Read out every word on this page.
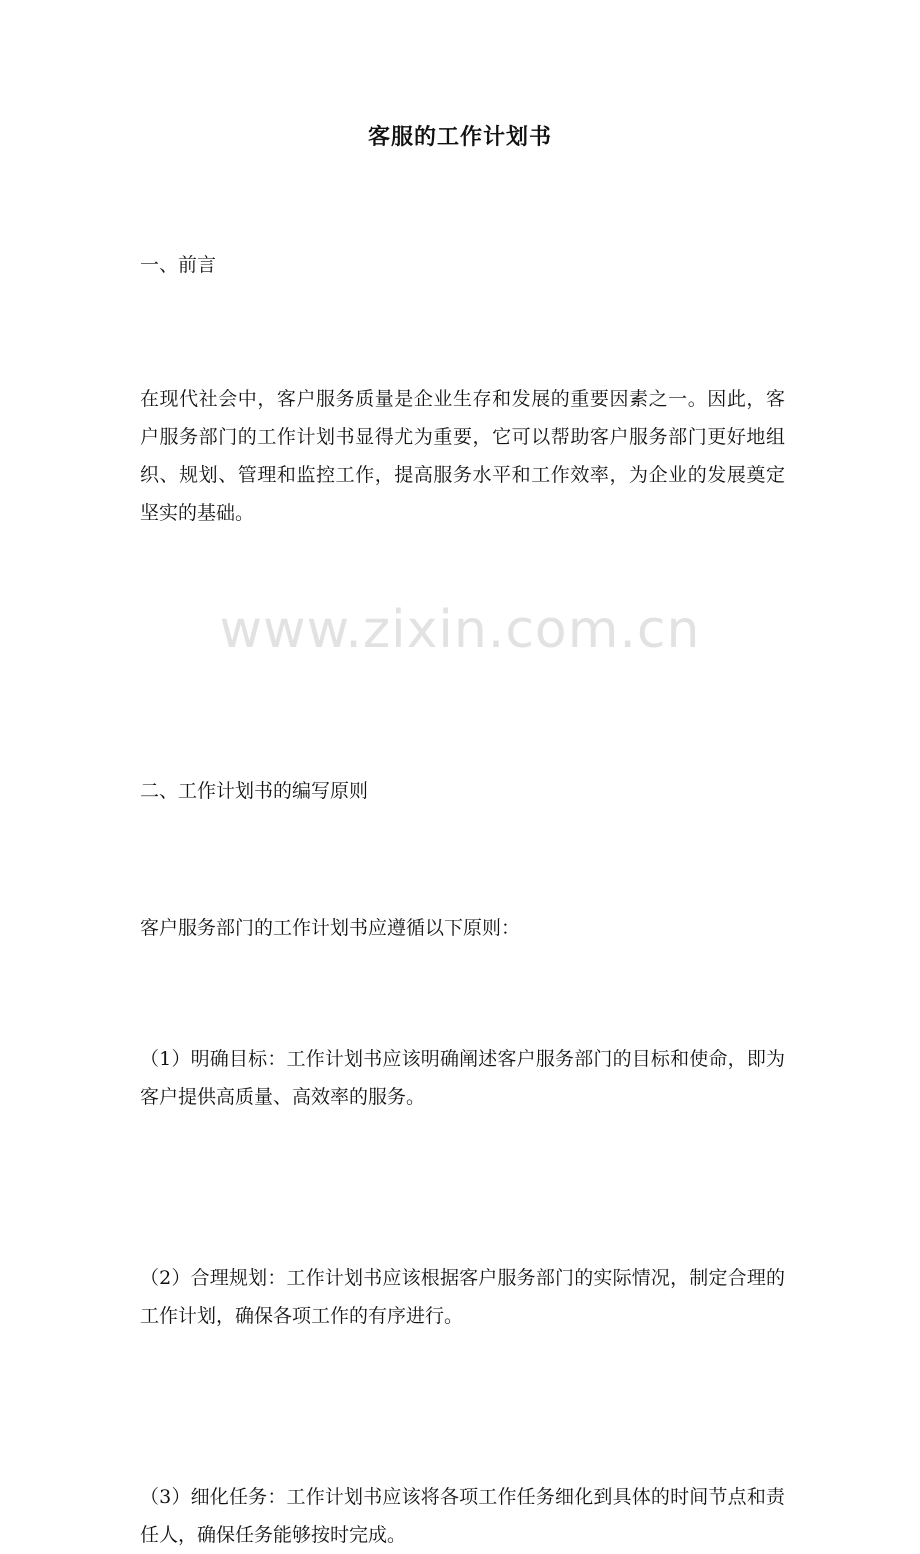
www.zixin.com.cn
客服的工作计划书
一、前言
在现代社会中，客户服务质量是企业生存和发展的重要因素之一。因此，客户服务部门的工作计划书显得尤为重要，它可以帮助客户服务部门更好地组织、规划、管理和监控工作，提高服务水平和工作效率，为企业的发展奠定坚实的基础。
二、工作计划书的编写原则
客户服务部门的工作计划书应遵循以下原则：
（1）明确目标：工作计划书应该明确阐述客户服务部门的目标和使命，即为客户提供高质量、高效率的服务。
（2）合理规划：工作计划书应该根据客户服务部门的实际情况，制定合理的工作计划，确保各项工作的有序进行。
（3）细化任务：工作计划书应该将各项工作任务细化到具体的时间节点和责任人，确保任务能够按时完成。
